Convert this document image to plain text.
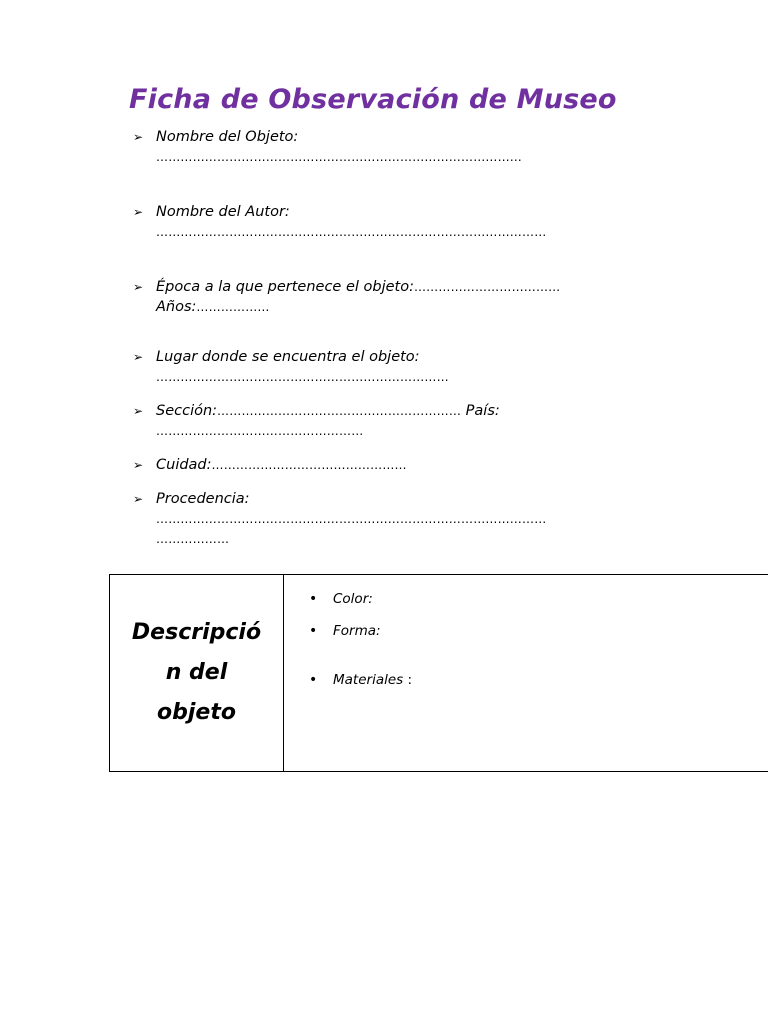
Ficha de Observación de Museo
➢ Nombre del Objeto:
………………………………………………………………………………
➢ Nombre del Autor:
……………………………………………………………………………………
➢ Época a la que pertenece el objeto:………………………………
Años:………………
➢ Lugar donde se encuentra el objeto:
………………………………………………………………
➢ Sección:…………………………………………………… País:
……………………………………………
➢ Cuidad:…………………………………………
➢ Procedencia:
……………………………………………………………………………………
………………
Descripció
n del
objeto
• Color:
• Forma:
• Materiales :
